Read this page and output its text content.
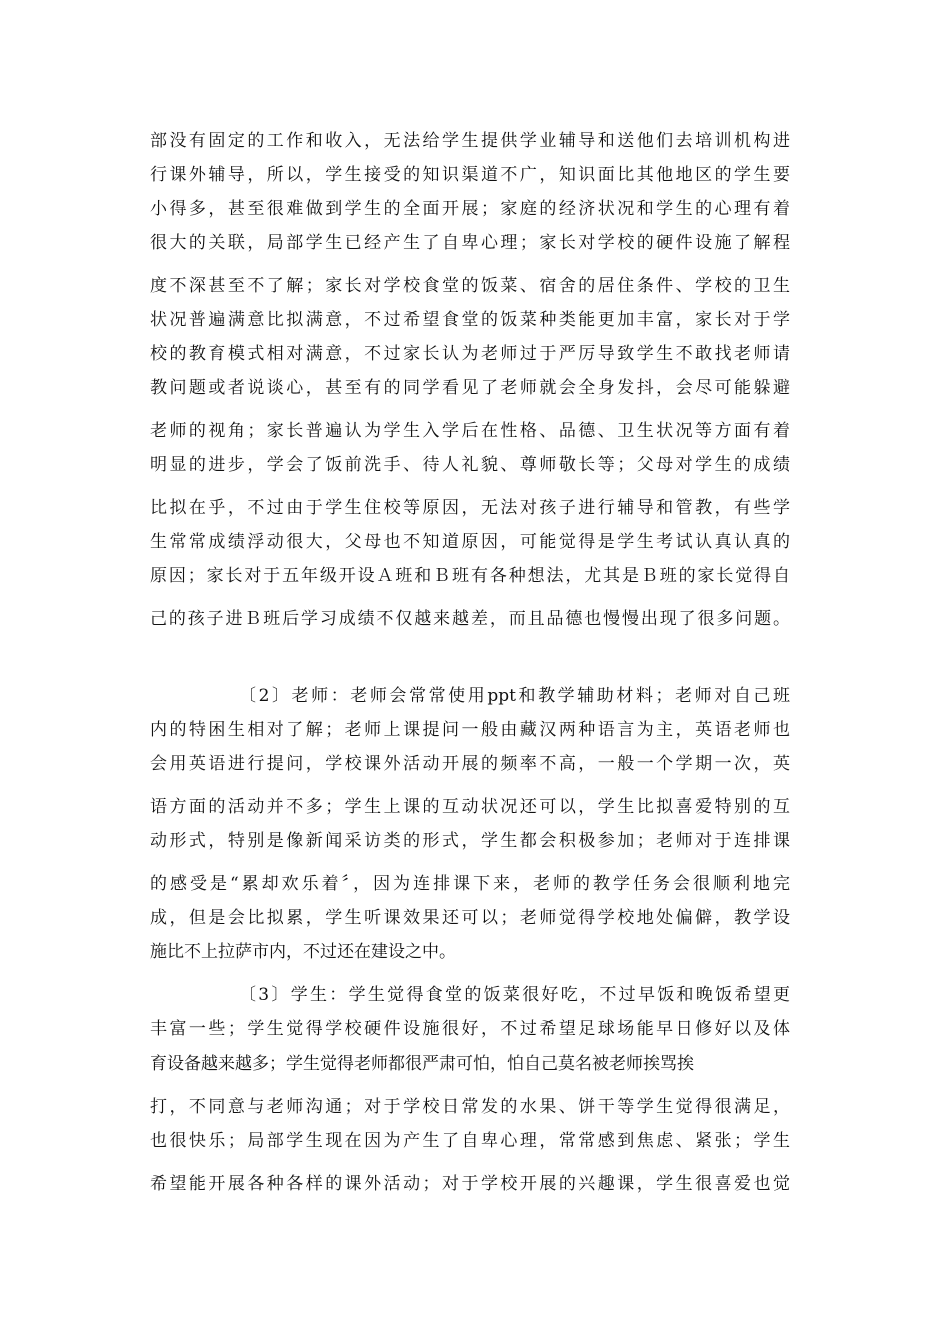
部没有固定的工作和收入，无法给学生提供学业辅导和送他们去培训机构进
行课外辅导，所以，学生接受的知识渠道不广，知识面比其他地区的学生要
小得多，甚至很难做到学生的全面开展；家庭的经济状况和学生的心理有着
很大的关联，局部学生已经产生了自卑心理；家长对学校的硬件设施了解程
度不深甚至不了解；家长对学校食堂的饭菜、宿舍的居住条件、学校的卫生
状况普遍满意比拟满意，不过希望食堂的饭菜种类能更加丰富，家长对于学
校的教育模式相对满意，不过家长认为老师过于严厉导致学生不敢找老师请
教问题或者说谈心，甚至有的同学看见了老师就会全身发抖，会尽可能躲避
老师的视角；家长普遍认为学生入学后在性格、品德、卫生状况等方面有着
明显的进步，学会了饭前洗手、待人礼貌、尊师敬长等；父母对学生的成绩
比拟在乎，不过由于学生住校等原因，无法对孩子进行辅导和管教，有些学
生常常成绩浮动很大，父母也不知道原因，可能觉得是学生考试认真认真的
原因；家长对于五年级开设Ａ班和Ｂ班有各种想法，尤其是Ｂ班的家长觉得自
己的孩子进Ｂ班后学习成绩不仅越来越差，而且品德也慢慢出现了很多问题。
〔2〕老师：老师会常常使用ppt和教学辅助材料；老师对自己班
内的特困生相对了解；老师上课提问一般由藏汉两种语言为主，英语老师也
会用英语进行提问，学校课外活动开展的频率不高，一般一个学期一次，英
语方面的活动并不多；学生上课的互动状况还可以，学生比拟喜爱特别的互
动形式，特别是像新闻采访类的形式，学生都会积极参加；老师对于连排课
的感受是“累却欢乐着〞，因为连排课下来，老师的教学任务会很顺利地完
成，但是会比拟累，学生听课效果还可以；老师觉得学校地处偏僻，教学设
施比不上拉萨市内，不过还在建设之中。
〔3〕学生：学生觉得食堂的饭菜很好吃，不过早饭和晚饭希望更
丰富一些；学生觉得学校硬件设施很好，不过希望足球场能早日修好以及体
育设备越来越多；学生觉得老师都很严肃可怕，怕自己莫名被老师挨骂挨
打，不同意与老师沟通；对于学校日常发的水果、饼干等学生觉得很满足，
也很快乐；局部学生现在因为产生了自卑心理，常常感到焦虑、紧张；学生
希望能开展各种各样的课外活动；对于学校开展的兴趣课，学生很喜爱也觉
